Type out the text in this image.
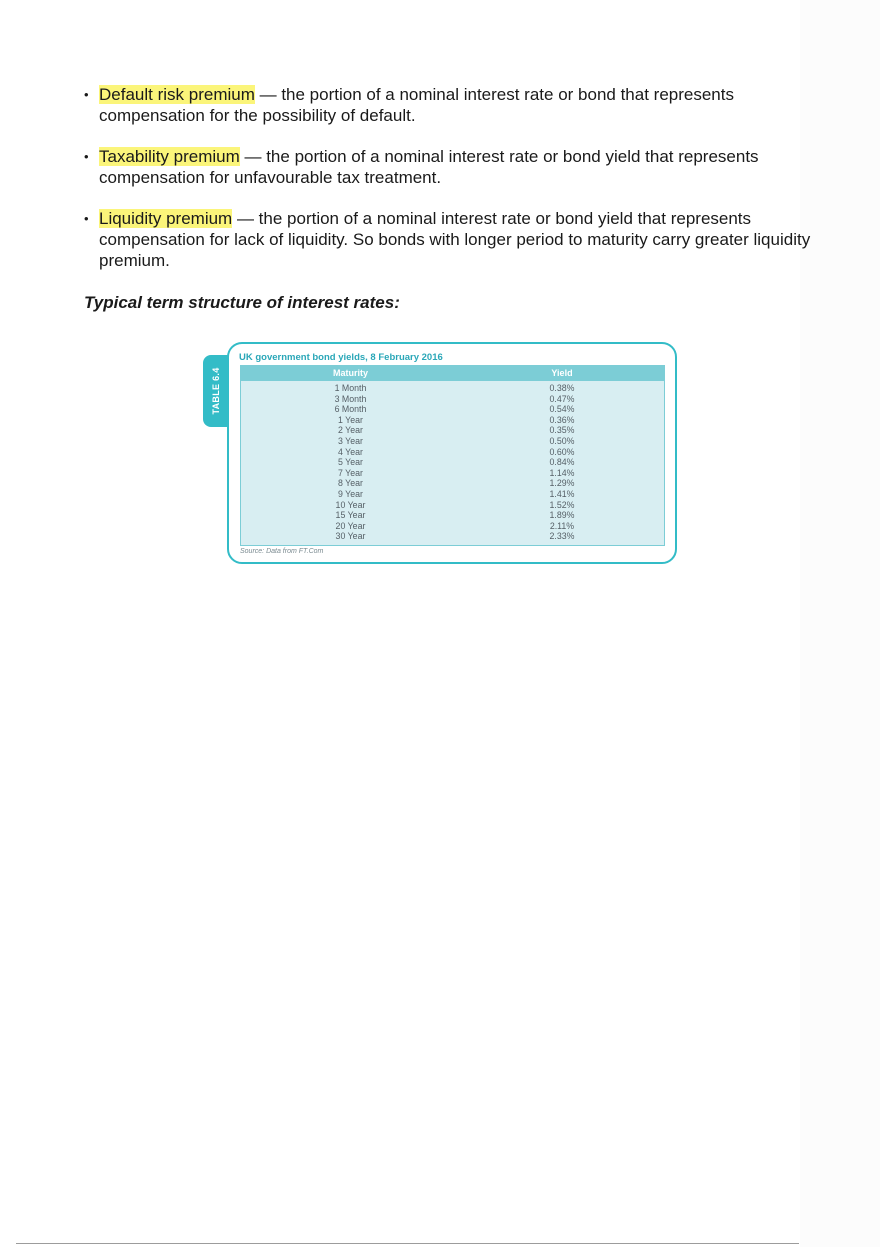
• Default risk premium — the portion of a nominal interest rate or bond that represents compensation for the possibility of default.
• Taxability premium — the portion of a nominal interest rate or bond yield that represents compensation for unfavourable tax treatment.
• Liquidity premium — the portion of a nominal interest rate or bond yield that represents compensation for lack of liquidity. So bonds with longer period to maturity carry greater liquidity premium.
Typical term structure of interest rates:
TABLE 6.4
UK government bond yields, 8 February 2016
Maturity	Yield
1 Month	0.38%
3 Month	0.47%
6 Month	0.54%
1 Year	0.36%
2 Year	0.35%
3 Year	0.50%
4 Year	0.60%
5 Year	0.84%
7 Year	1.14%
8 Year	1.29%
9 Year	1.41%
10 Year	1.52%
15 Year	1.89%
20 Year	2.11%
30 Year	2.33%
Source: Data from FT.Com
